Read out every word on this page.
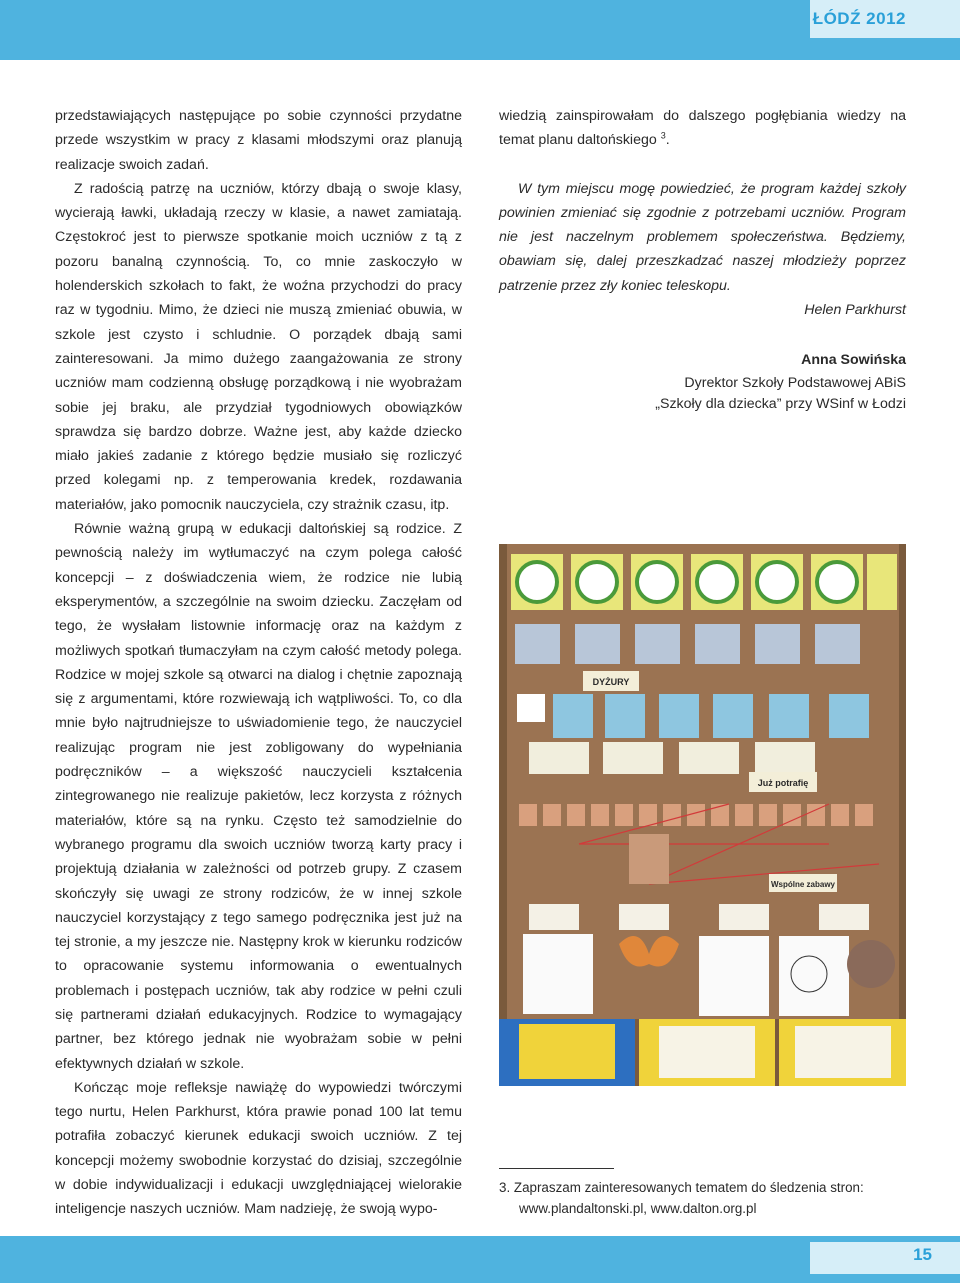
ŁÓDŹ 2012

przedstawiających następujące po sobie czynności przydatne przede wszystkim w pracy z klasami młodszymi oraz planują realizacje swoich zadań.

Z radością patrzę na uczniów, którzy dbają o swoje klasy, wycierają ławki, układają rzeczy w klasie, a nawet zamiatają. Częstokroć jest to pierwsze spotkanie moich uczniów z tą z pozoru banalną czynnością. To, co mnie zaskoczyło w holenderskich szkołach to fakt, że woźna przychodzi do pracy raz w tygodniu. Mimo, że dzieci nie muszą zmieniać obuwia, w szkole jest czysto i schludnie. O porządek dbają sami zainteresowani. Ja mimo dużego zaangażowania ze strony uczniów mam codzienną obsługę porządkową i nie wyobrażam sobie jej braku, ale przydział tygodniowych obowiązków sprawdza się bardzo dobrze. Ważne jest, aby każde dziecko miało jakieś zadanie z którego będzie musiało się rozliczyć przed kolegami np. z temperowania kredek, rozdawania materiałów, jako pomocnik nauczyciela, czy strażnik czasu, itp.

Równie ważną grupą w edukacji daltońskiej są rodzice. Z pewnością należy im wytłumaczyć na czym polega całość koncepcji – z doświadczenia wiem, że rodzice nie lubią eksperymentów, a szczególnie na swoim dziecku. Zaczęłam od tego, że wysłałam listownie informację oraz na każdym z możliwych spotkań tłumaczyłam na czym całość metody polega. Rodzice w mojej szkole są otwarci na dialog i chętnie zapoznają się z argumentami, które rozwiewają ich wątpliwości. To, co dla mnie było najtrudniejsze to uświadomienie tego, że nauczyciel realizując program nie jest zobligowany do wypełniania podręczników – a większość nauczycieli kształcenia zintegrowanego nie realizuje pakietów, lecz korzysta z różnych materiałów, które są na rynku. Często też samodzielnie do wybranego programu dla swoich uczniów tworzą karty pracy i projektują działania w zależności od potrzeb grupy. Z czasem skończyły się uwagi ze strony rodziców, że w innej szkole nauczyciel korzystający z tego samego podręcznika jest już na tej stronie, a my jeszcze nie. Następny krok w kierunku rodziców to opracowanie systemu informowania o ewentualnych problemach i postępach uczniów, tak aby rodzice w pełni czuli się partnerami działań edukacyjnych. Rodzice to wymagający partner, bez którego jednak nie wyobrażam sobie w pełni efektywnych działań w szkole.

Kończąc moje refleksje nawiążę do wypowiedzi twórczymi tego nurtu, Helen Parkhurst, która prawie ponad 100 lat temu potrafiła zobaczyć kierunek edukacji swoich uczniów. Z tej koncepcji możemy swobodnie korzystać do dzisiaj, szczególnie w dobie indywidualizacji i edukacji uwzględniającej wielorakie inteligencje naszych uczniów. Mam nadzieję, że swoją wypo-

wiedzią zainspirowałam do dalszego pogłębiania wiedzy na temat planu daltońskiego $^3$.

W tym miejscu mogę powiedzieć, że program każdej szkoły powinien zmieniać się zgodnie z potrzebami uczniów. Program nie jest naczelnym problemem społeczeństwa. Będziemy, obawiam się, dalej przeszkadzać naszej młodzieży poprzez patrzenie przez zły koniec teleskopu.

Helen Parkhurst

Anna Sowińska

Dyrektor Szkoły Podstawowej ABiS

„Szkoły dla dziecka” przy WSinf w Łodzi

DYŻURY
Już potrafię
Wspólne zabawy
3. Zapraszam zainteresowanych tematem do śledzenia stron:
www.plandaltonski.pl, www.dalton.org.pl
15
